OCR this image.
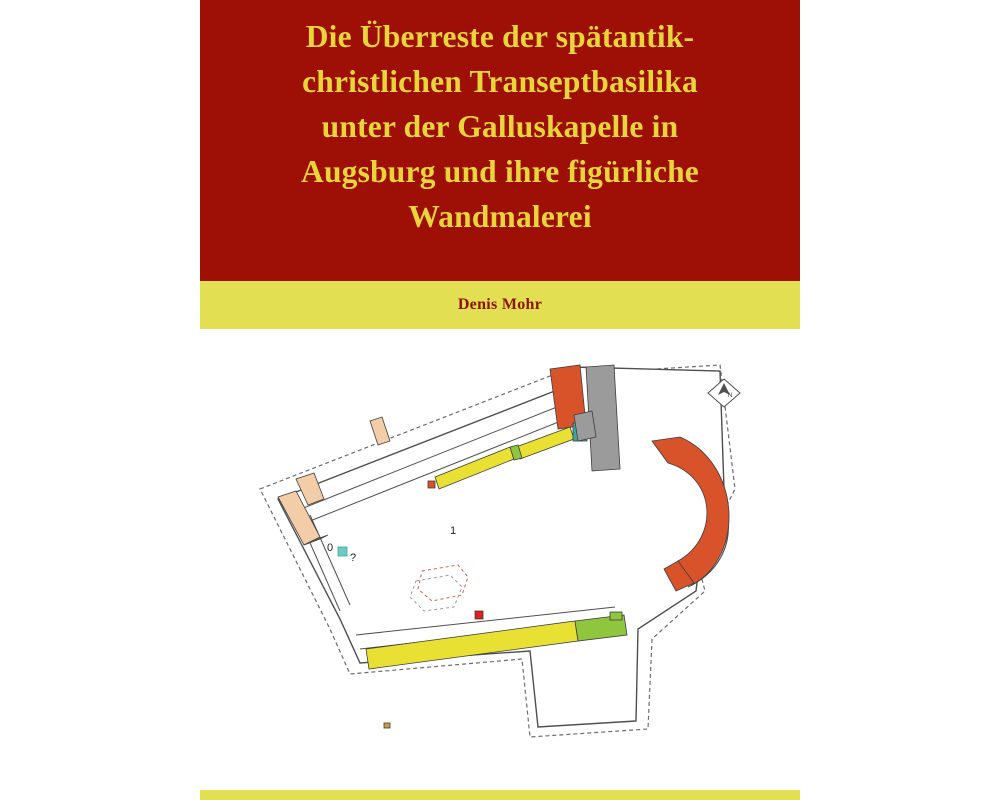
Die Überreste der spätantik-
christlichen Transeptbasilika
unter der Galluskapelle in
Augsburg und ihre figürliche
Wandmalerei
Denis Mohr
N
1
0
?
